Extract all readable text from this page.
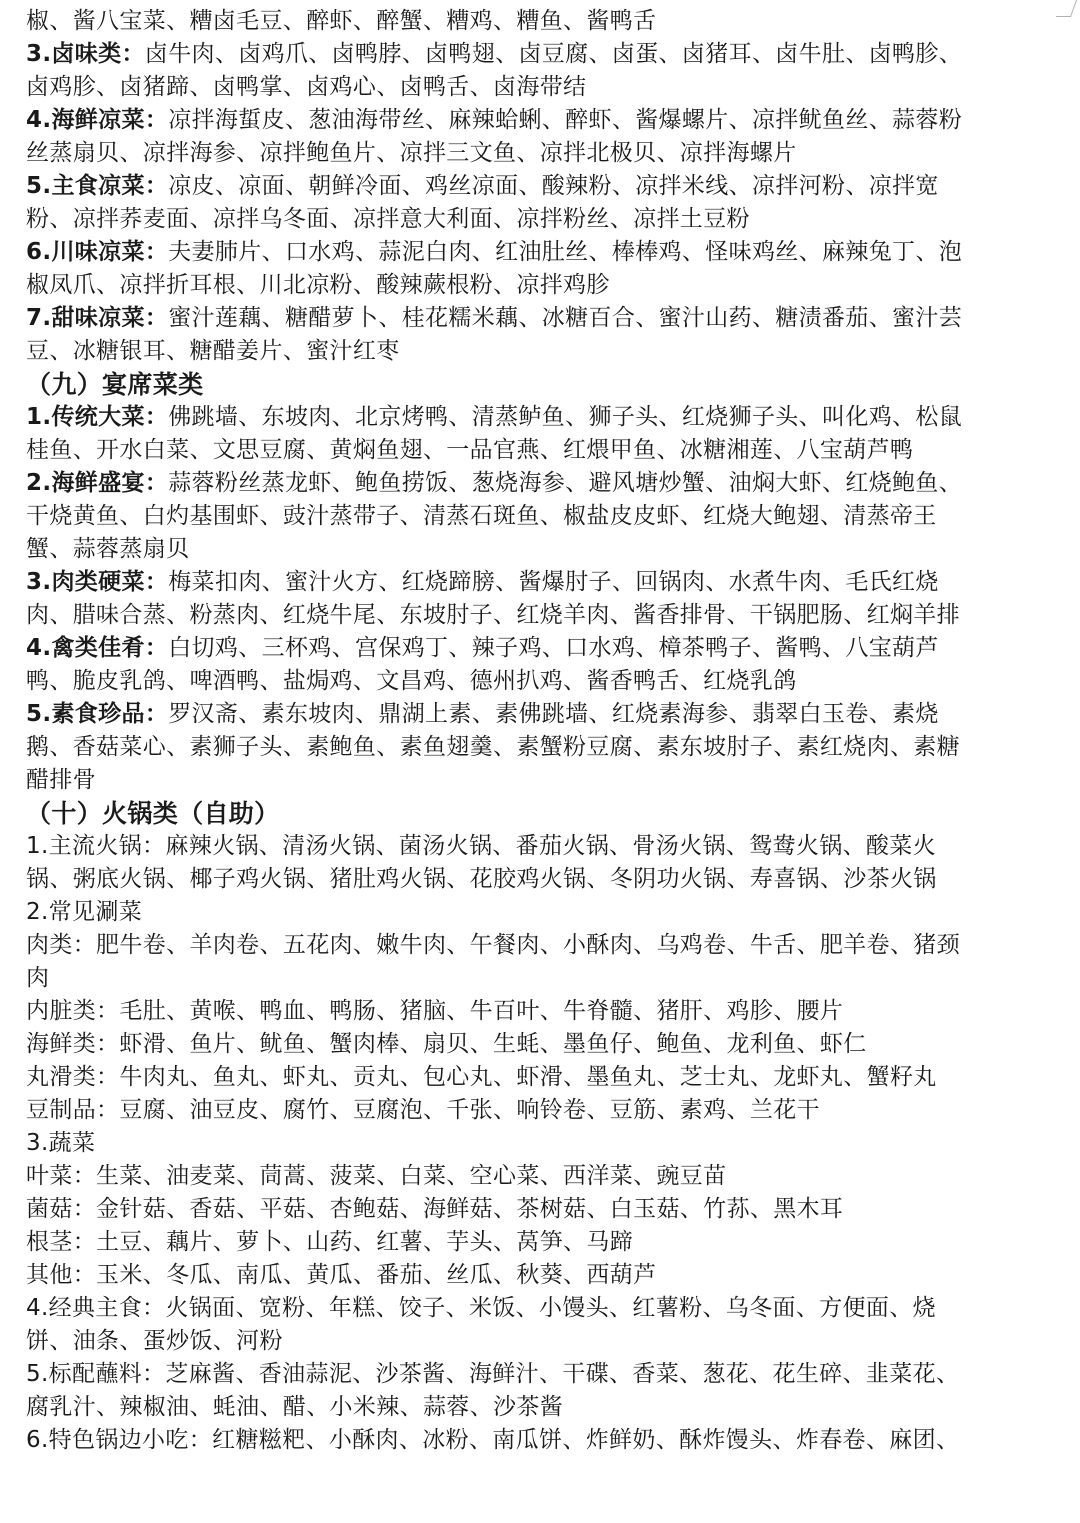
椒、酱八宝菜、糟卤毛豆、醉虾、醉蟹、糟鸡、糟鱼、酱鸭舌
3.卤味类：卤牛肉、卤鸡爪、卤鸭脖、卤鸭翅、卤豆腐、卤蛋、卤猪耳、卤牛肚、卤鸭胗、
卤鸡胗、卤猪蹄、卤鸭掌、卤鸡心、卤鸭舌、卤海带结
4.海鲜凉菜：凉拌海蜇皮、葱油海带丝、麻辣蛤蜊、醉虾、酱爆螺片、凉拌鱿鱼丝、蒜蓉粉
丝蒸扇贝、凉拌海参、凉拌鲍鱼片、凉拌三文鱼、凉拌北极贝、凉拌海螺片
5.主食凉菜：凉皮、凉面、朝鲜冷面、鸡丝凉面、酸辣粉、凉拌米线、凉拌河粉、凉拌宽
粉、凉拌荞麦面、凉拌乌冬面、凉拌意大利面、凉拌粉丝、凉拌土豆粉
6.川味凉菜：夫妻肺片、口水鸡、蒜泥白肉、红油肚丝、棒棒鸡、怪味鸡丝、麻辣兔丁、泡
椒凤爪、凉拌折耳根、川北凉粉、酸辣蕨根粉、凉拌鸡胗
7.甜味凉菜：蜜汁莲藕、糖醋萝卜、桂花糯米藕、冰糖百合、蜜汁山药、糖渍番茄、蜜汁芸
豆、冰糖银耳、糖醋姜片、蜜汁红枣
（九）宴席菜类
1.传统大菜：佛跳墙、东坡肉、北京烤鸭、清蒸鲈鱼、狮子头、红烧狮子头、叫化鸡、松鼠
桂鱼、开水白菜、文思豆腐、黄焖鱼翅、一品官燕、红煨甲鱼、冰糖湘莲、八宝葫芦鸭
2.海鲜盛宴：蒜蓉粉丝蒸龙虾、鲍鱼捞饭、葱烧海参、避风塘炒蟹、油焖大虾、红烧鲍鱼、
干烧黄鱼、白灼基围虾、豉汁蒸带子、清蒸石斑鱼、椒盐皮皮虾、红烧大鲍翅、清蒸帝王
蟹、蒜蓉蒸扇贝
3.肉类硬菜：梅菜扣肉、蜜汁火方、红烧蹄膀、酱爆肘子、回锅肉、水煮牛肉、毛氏红烧
肉、腊味合蒸、粉蒸肉、红烧牛尾、东坡肘子、红烧羊肉、酱香排骨、干锅肥肠、红焖羊排
4.禽类佳肴：白切鸡、三杯鸡、宫保鸡丁、辣子鸡、口水鸡、樟茶鸭子、酱鸭、八宝葫芦
鸭、脆皮乳鸽、啤酒鸭、盐焗鸡、文昌鸡、德州扒鸡、酱香鸭舌、红烧乳鸽
5.素食珍品：罗汉斋、素东坡肉、鼎湖上素、素佛跳墙、红烧素海参、翡翠白玉卷、素烧
鹅、香菇菜心、素狮子头、素鲍鱼、素鱼翅羹、素蟹粉豆腐、素东坡肘子、素红烧肉、素糖
醋排骨
（十）火锅类（自助）
1.主流火锅：麻辣火锅、清汤火锅、菌汤火锅、番茄火锅、骨汤火锅、鸳鸯火锅、酸菜火
锅、粥底火锅、椰子鸡火锅、猪肚鸡火锅、花胶鸡火锅、冬阴功火锅、寿喜锅、沙茶火锅
2.常见涮菜
肉类：肥牛卷、羊肉卷、五花肉、嫩牛肉、午餐肉、小酥肉、乌鸡卷、牛舌、肥羊卷、猪颈
肉
内脏类：毛肚、黄喉、鸭血、鸭肠、猪脑、牛百叶、牛脊髓、猪肝、鸡胗、腰片
海鲜类：虾滑、鱼片、鱿鱼、蟹肉棒、扇贝、生蚝、墨鱼仔、鲍鱼、龙利鱼、虾仁
丸滑类：牛肉丸、鱼丸、虾丸、贡丸、包心丸、虾滑、墨鱼丸、芝士丸、龙虾丸、蟹籽丸
豆制品：豆腐、油豆皮、腐竹、豆腐泡、千张、响铃卷、豆筋、素鸡、兰花干
3.蔬菜
叶菜：生菜、油麦菜、茼蒿、菠菜、白菜、空心菜、西洋菜、豌豆苗
菌菇：金针菇、香菇、平菇、杏鲍菇、海鲜菇、茶树菇、白玉菇、竹荪、黑木耳
根茎：土豆、藕片、萝卜、山药、红薯、芋头、莴笋、马蹄
其他：玉米、冬瓜、南瓜、黄瓜、番茄、丝瓜、秋葵、西葫芦
4.经典主食：火锅面、宽粉、年糕、饺子、米饭、小馒头、红薯粉、乌冬面、方便面、烧
饼、油条、蛋炒饭、河粉
5.标配蘸料：芝麻酱、香油蒜泥、沙茶酱、海鲜汁、干碟、香菜、葱花、花生碎、韭菜花、
腐乳汁、辣椒油、蚝油、醋、小米辣、蒜蓉、沙茶酱
6.特色锅边小吃：红糖糍粑、小酥肉、冰粉、南瓜饼、炸鲜奶、酥炸馒头、炸春卷、麻团、
